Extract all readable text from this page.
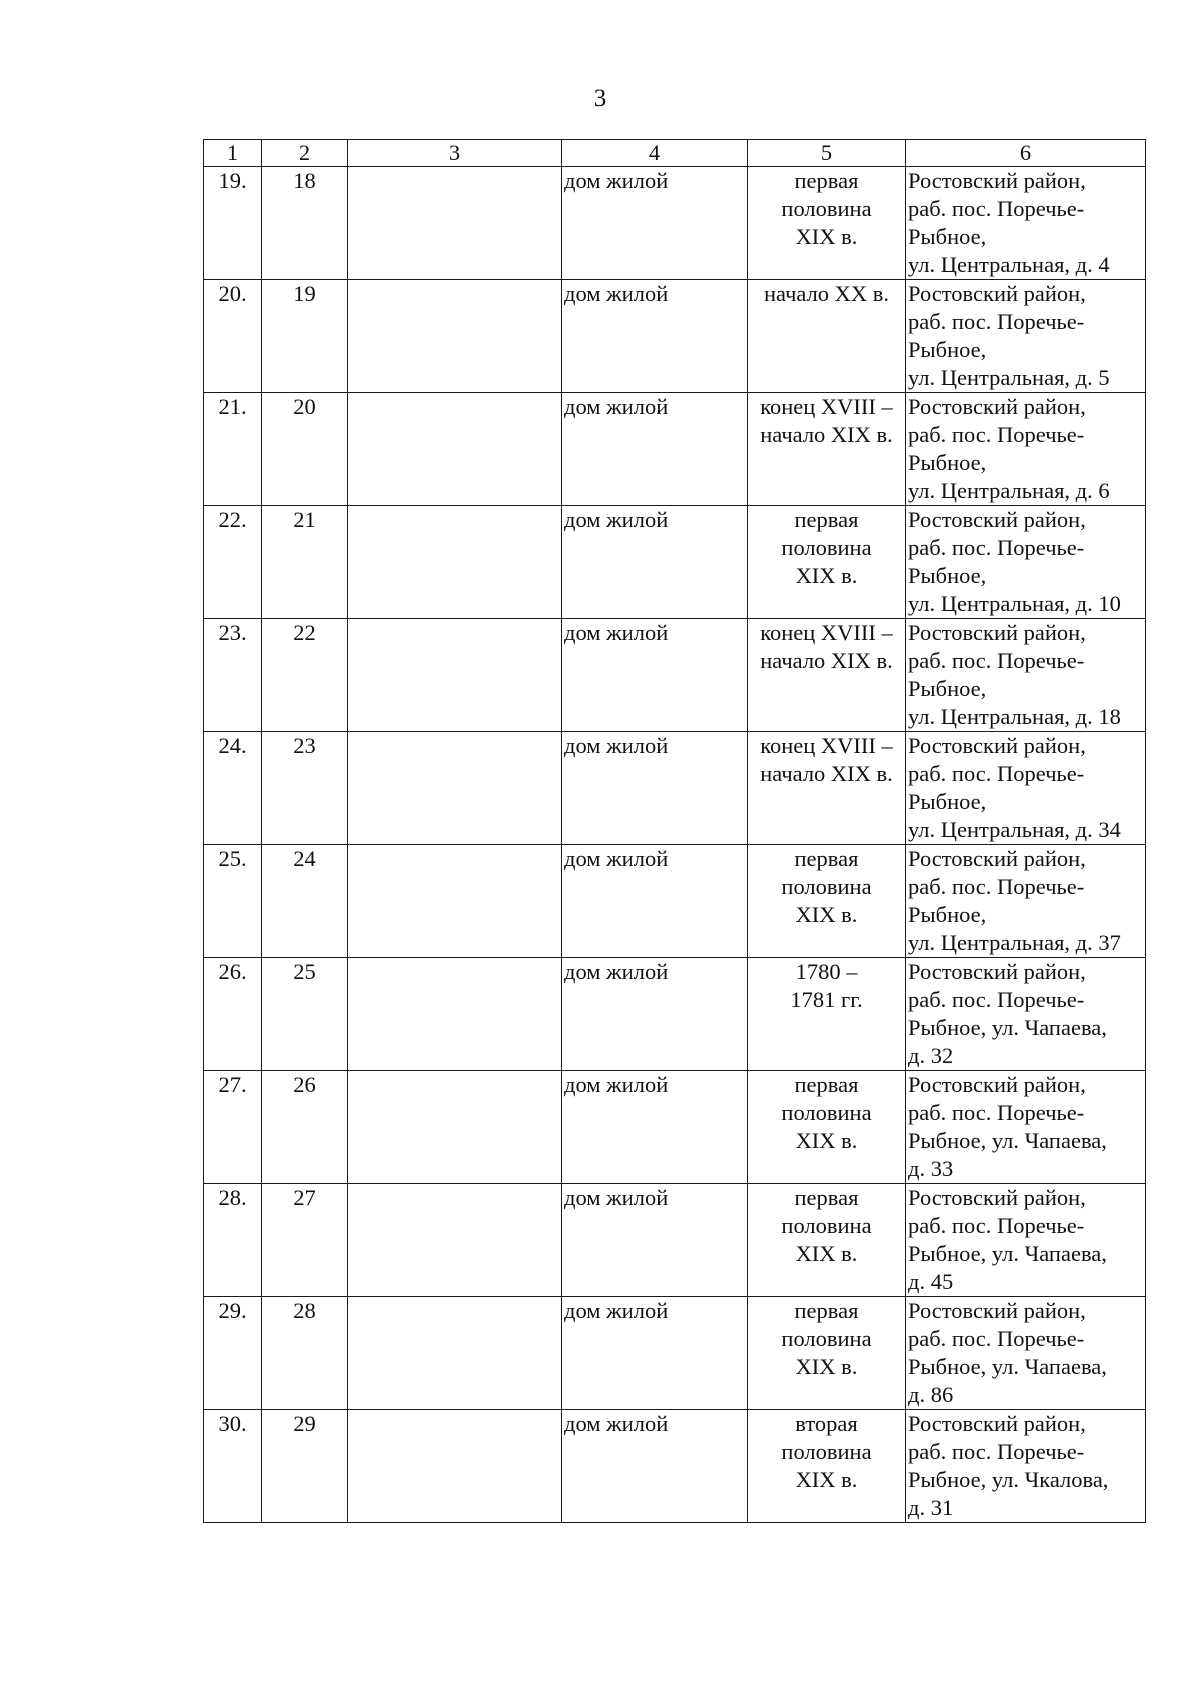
3
1	2	3	4	5	6
19.	18		дом жилой	первая
половина
XIX в.	Ростовский район,
раб. пос. Поречье-
Рыбное,
ул. Центральная, д. 4
20.	19		дом жилой	начало XX в.	Ростовский район,
раб. пос. Поречье-
Рыбное,
ул. Центральная, д. 5
21.	20		дом жилой	конец XVIII –
начало XIX в.	Ростовский район,
раб. пос. Поречье-
Рыбное,
ул. Центральная, д. 6
22.	21		дом жилой	первая
половина
XIX в.	Ростовский район,
раб. пос. Поречье-
Рыбное,
ул. Центральная, д. 10
23.	22		дом жилой	конец XVIII –
начало XIX в.	Ростовский район,
раб. пос. Поречье-
Рыбное,
ул. Центральная, д. 18
24.	23		дом жилой	конец XVIII –
начало XIX в.	Ростовский район,
раб. пос. Поречье-
Рыбное,
ул. Центральная, д. 34
25.	24		дом жилой	первая
половина
XIX в.	Ростовский район,
раб. пос. Поречье-
Рыбное,
ул. Центральная, д. 37
26.	25		дом жилой	1780 –
1781 гг.	Ростовский район,
раб. пос. Поречье-
Рыбное, ул. Чапаева,
д. 32
27.	26		дом жилой	первая
половина
XIX в.	Ростовский район,
раб. пос. Поречье-
Рыбное, ул. Чапаева,
д. 33
28.	27		дом жилой	первая
половина
XIX в.	Ростовский район,
раб. пос. Поречье-
Рыбное, ул. Чапаева,
д. 45
29.	28		дом жилой	первая
половина
XIX в.	Ростовский район,
раб. пос. Поречье-
Рыбное, ул. Чапаева,
д. 86
30.	29		дом жилой	вторая
половина
XIX в.	Ростовский район,
раб. пос. Поречье-
Рыбное, ул. Чкалова,
д. 31
